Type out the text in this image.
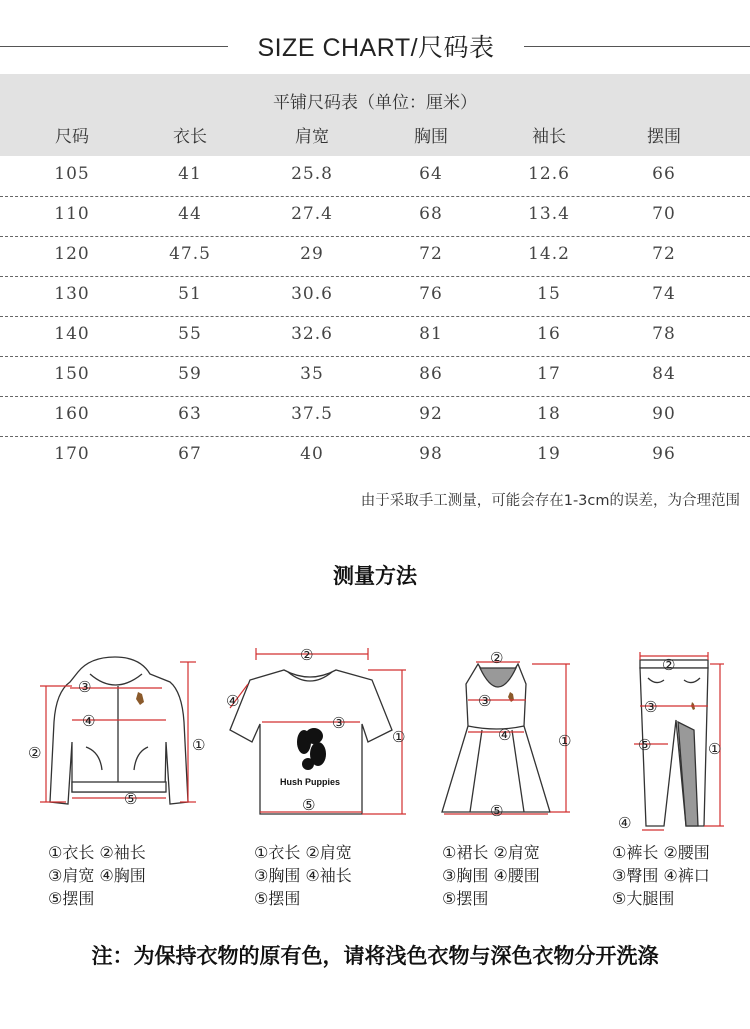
SIZE CHART/尺码表
平铺尺码表（单位：厘米）
尺码	衣长	肩宽	胸围	袖长	摆围
105	41	25.8	64	12.6	66
110	44	27.4	68	13.4	70
120	47.5	29	72	14.2	72
130	51	30.6	76	15	74
140	55	32.6	81	16	78
150	59	35	86	17	84
160	63	37.5	92	18	90
170	67	40	98	19	96
由于采取手工测量，可能会存在1-3cm的误差，为合理范围
测量方法
②	①
③
④
⑤
①衣长 ②袖长
③肩宽 ④胸围
⑤摆围
Hush Puppies
②
①
③
④
⑤
①衣长 ②肩宽
③胸围 ④袖长
⑤摆围
②
①
③
④
⑤
①裙长 ②肩宽
③胸围 ④腰围
⑤摆围
②
①
③
⑤
④
①裤长 ②腰围
③臀围 ④裤口
⑤大腿围
注：为保持衣物的原有色，请将浅色衣物与深色衣物分开洗涤
